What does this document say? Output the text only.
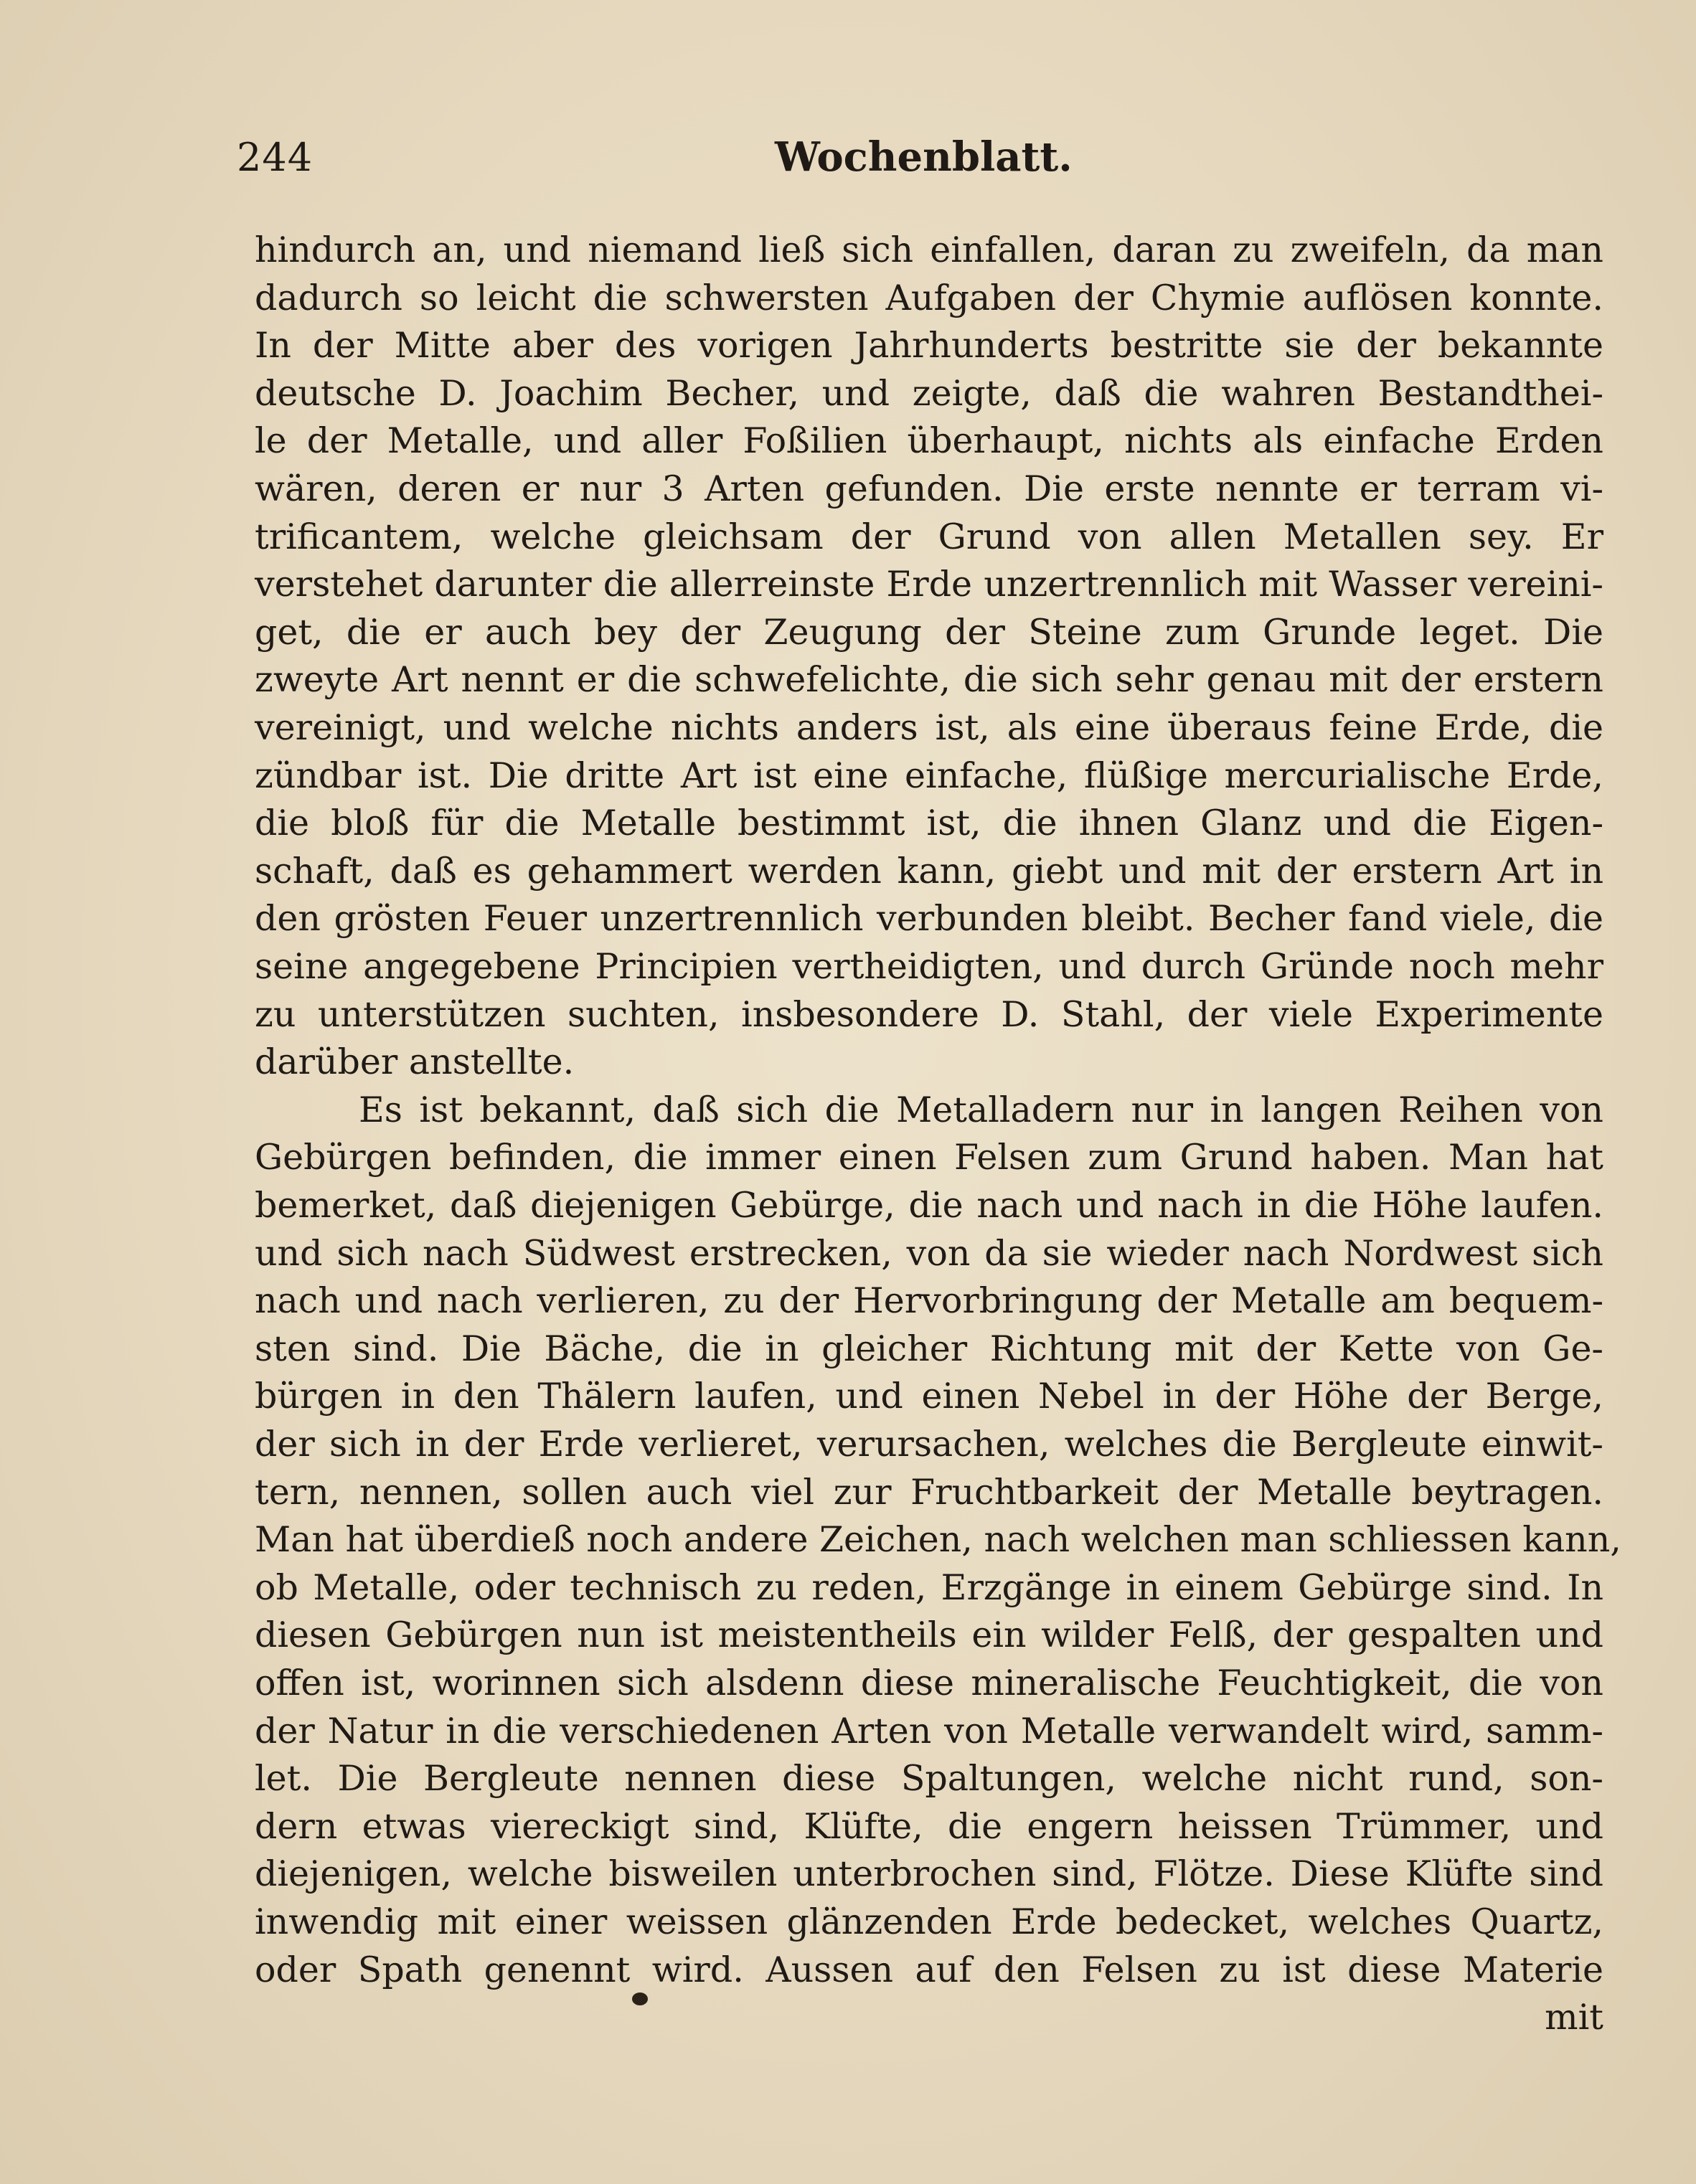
244	Wochenblatt.
hindurch an, und niemand ließ sich einfallen, daran zu zweifeln, da man
dadurch so leicht die schwersten Aufgaben der Chymie auflösen konnte.
In der Mitte aber des vorigen Jahrhunderts bestritte sie der bekannte
deutsche D. Joachim Becher, und zeigte, daß die wahren Bestandthei-
le der Metalle, und aller Foßilien überhaupt, nichts als einfache Erden
wären, deren er nur 3 Arten gefunden. Die erste nennte er terram vi-
trificantem, welche gleichsam der Grund von allen Metallen sey. Er
verstehet darunter die allerreinste Erde unzertrennlich mit Wasser vereini-
get, die er auch bey der Zeugung der Steine zum Grunde leget. Die
zweyte Art nennt er die schwefelichte, die sich sehr genau mit der erstern
vereinigt, und welche nichts anders ist, als eine überaus feine Erde, die
zündbar ist. Die dritte Art ist eine einfache, flüßige mercurialische Erde,
die bloß für die Metalle bestimmt ist, die ihnen Glanz und die Eigen-
schaft, daß es gehammert werden kann, giebt und mit der erstern Art in
den grösten Feuer unzertrennlich verbunden bleibt. Becher fand viele, die
seine angegebene Principien vertheidigten, und durch Gründe noch mehr
zu unterstützen suchten, insbesondere D. Stahl, der viele Experimente
darüber anstellte.
Es ist bekannt, daß sich die Metalladern nur in langen Reihen von
Gebürgen befinden, die immer einen Felsen zum Grund haben. Man hat
bemerket, daß diejenigen Gebürge, die nach und nach in die Höhe laufen.
und sich nach Südwest erstrecken, von da sie wieder nach Nordwest sich
nach und nach verlieren, zu der Hervorbringung der Metalle am bequem-
sten sind. Die Bäche, die in gleicher Richtung mit der Kette von Ge-
bürgen in den Thälern laufen, und einen Nebel in der Höhe der Berge,
der sich in der Erde verlieret, verursachen, welches die Bergleute einwit-
tern, nennen, sollen auch viel zur Fruchtbarkeit der Metalle beytragen.
Man hat überdieß noch andere Zeichen, nach welchen man schliessen kann,
ob Metalle, oder technisch zu reden, Erzgänge in einem Gebürge sind. In
diesen Gebürgen nun ist meistentheils ein wilder Felß, der gespalten und
offen ist, worinnen sich alsdenn diese mineralische Feuchtigkeit, die von
der Natur in die verschiedenen Arten von Metalle verwandelt wird, samm-
let. Die Bergleute nennen diese Spaltungen, welche nicht rund, son-
dern etwas viereckigt sind, Klüfte, die engern heissen Trümmer, und
diejenigen, welche bisweilen unterbrochen sind, Flötze. Diese Klüfte sind
inwendig mit einer weissen glänzenden Erde bedecket, welches Quartz,
oder Spath genennt wird. Aussen auf den Felsen zu ist diese Materie
mit
